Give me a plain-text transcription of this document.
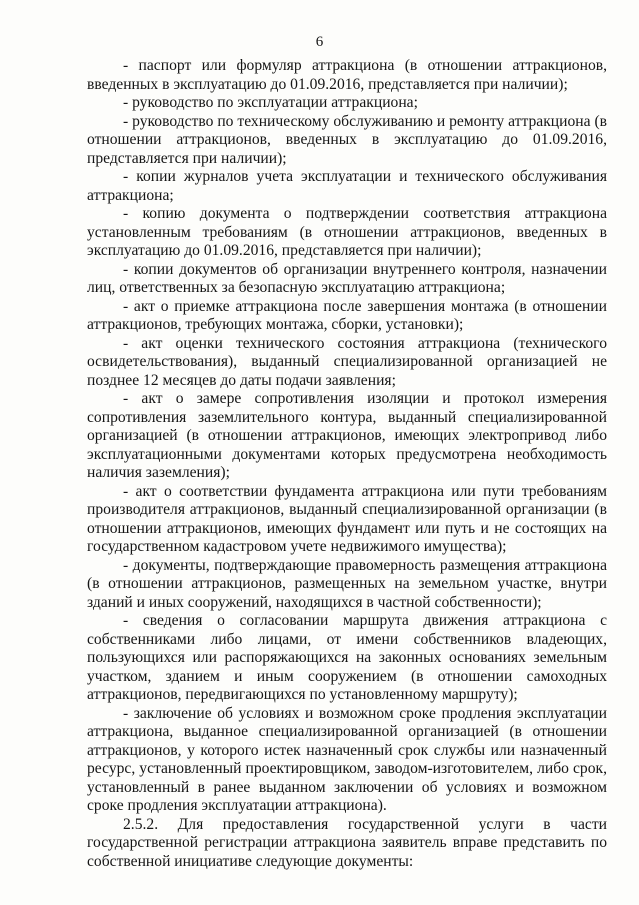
6

- паспорт или формуляр аттракциона (в отношении аттракционов, введенных в эксплуатацию до 01.09.2016, представляется при наличии);

- руководство по эксплуатации аттракциона;

- руководство по техническому обслуживанию и ремонту аттракциона (в отношении аттракционов, введенных в эксплуатацию до 01.09.2016, представляется при наличии);

- копии журналов учета эксплуатации и технического обслуживания аттракциона;

- копию документа о подтверждении соответствия аттракциона установленным требованиям (в отношении аттракционов, введенных в эксплуатацию до 01.09.2016, представляется при наличии);

- копии документов об организации внутреннего контроля, назначении лиц, ответственных за безопасную эксплуатацию аттракциона;

- акт о приемке аттракциона после завершения монтажа (в отношении аттракционов, требующих монтажа, сборки, установки);

- акт оценки технического состояния аттракциона (технического освидетельствования), выданный специализированной организацией не позднее 12 месяцев до даты подачи заявления;

- акт о замере сопротивления изоляции и протокол измерения сопротивления заземлительного контура, выданный специализированной организацией (в отношении аттракционов, имеющих электропривод либо эксплуатационными документами которых предусмотрена необходимость наличия заземления);

- акт о соответствии фундамента аттракциона или пути требованиям производителя аттракционов, выданный специализированной организации (в отношении аттракционов, имеющих фундамент или путь и не состоящих на государственном кадастровом учете недвижимого имущества);

- документы, подтверждающие правомерность размещения аттракциона (в отношении аттракционов, размещенных на земельном участке, внутри зданий и иных сооружений, находящихся в частной собственности);

- сведения о согласовании маршрута движения аттракциона с собственниками либо лицами, от имени собственников владеющих, пользующихся или распоряжающихся на законных основаниях земельным участком, зданием и иным сооружением (в отношении самоходных аттракционов, передвигающихся по установленному маршруту);

- заключение об условиях и возможном сроке продления эксплуатации аттракциона, выданное специализированной организацией (в отношении аттракционов, у которого истек назначенный срок службы или назначенный ресурс, установленный проектировщиком, заводом-изготовителем, либо срок, установленный в ранее выданном заключении об условиях и возможном сроке продления эксплуатации аттракциона).

2.5.2. Для предоставления государственной услуги в части государственной регистрации аттракциона заявитель вправе представить по собственной инициативе следующие документы:
